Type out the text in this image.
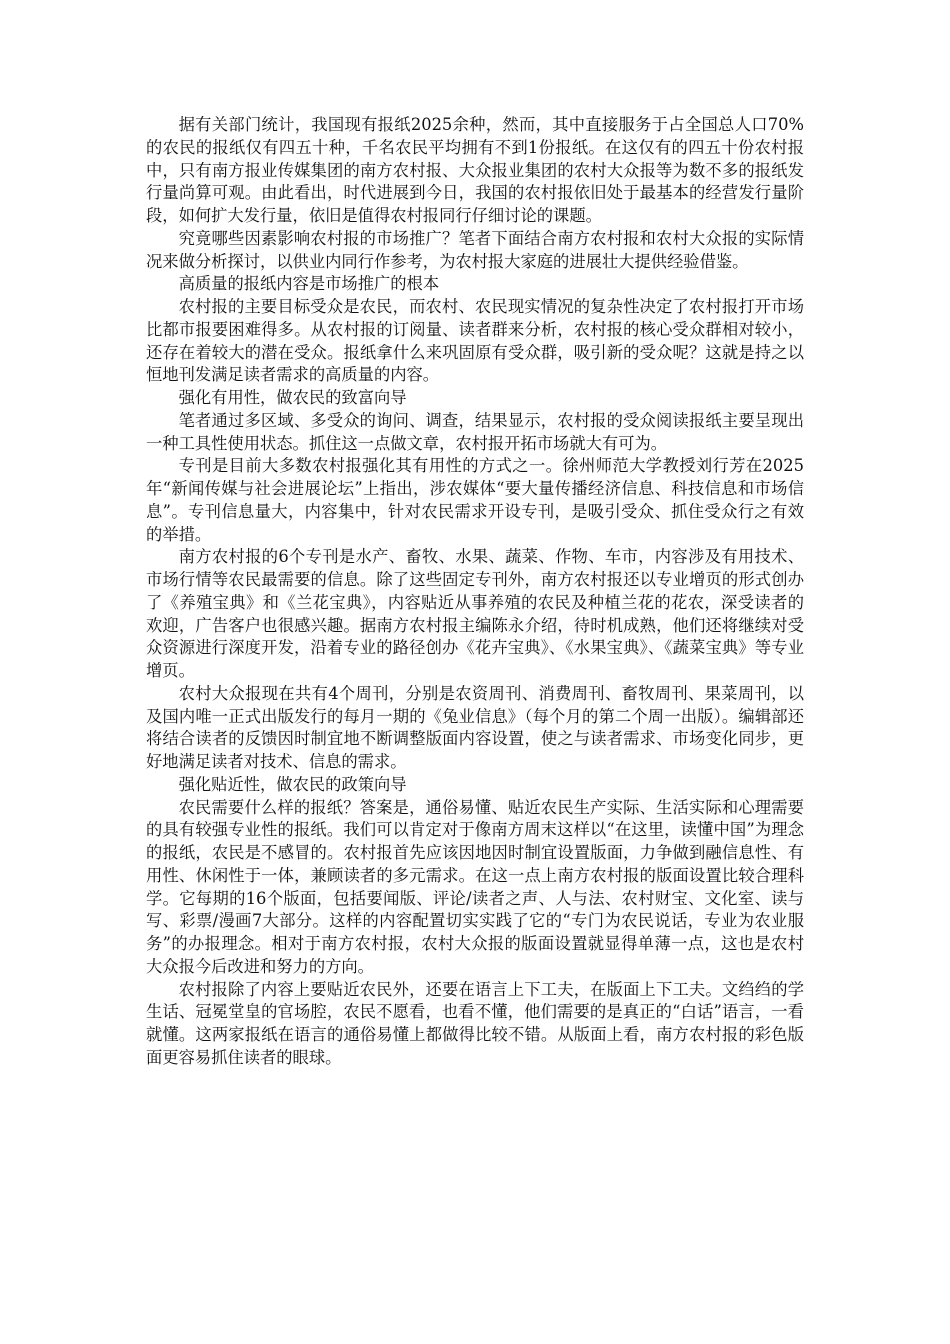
据有关部门统计，我国现有报纸2025余种，然而，其中直接服务于占全国总人口70%的农民的报纸仅有四五十种，千名农民平均拥有不到1份报纸。在这仅有的四五十份农村报中，只有南方报业传媒集团的南方农村报、大众报业集团的农村大众报等为数不多的报纸发行量尚算可观。由此看出，时代进展到今日，我国的农村报依旧处于最基本的经营发行量阶段，如何扩大发行量，依旧是值得农村报同行仔细讨论的课题。

究竟哪些因素影响农村报的市场推广？笔者下面结合南方农村报和农村大众报的实际情况来做分析探讨，以供业内同行作参考，为农村报大家庭的进展壮大提供经验借鉴。

高质量的报纸内容是市场推广的根本

农村报的主要目标受众是农民，而农村、农民现实情况的复杂性决定了农村报打开市场比都市报要困难得多。从农村报的订阅量、读者群来分析，农村报的核心受众群相对较小，还存在着较大的潜在受众。报纸拿什么来巩固原有受众群，吸引新的受众呢？这就是持之以恒地刊发满足读者需求的高质量的内容。

强化有用性，做农民的致富向导

笔者通过多区域、多受众的询问、调查，结果显示，农村报的受众阅读报纸主要呈现出一种工具性使用状态。抓住这一点做文章，农村报开拓市场就大有可为。

专刊是目前大多数农村报强化其有用性的方式之一。徐州师范大学教授刘行芳在2025年“新闻传媒与社会进展论坛”上指出，涉农媒体“要大量传播经济信息、科技信息和市场信息”。专刊信息量大，内容集中，针对农民需求开设专刊，是吸引受众、抓住受众行之有效的举措。

南方农村报的6个专刊是水产、畜牧、水果、蔬菜、作物、车市，内容涉及有用技术、市场行情等农民最需要的信息。除了这些固定专刊外，南方农村报还以专业增页的形式创办了《养殖宝典》和《兰花宝典》，内容贴近从事养殖的农民及种植兰花的花农，深受读者的欢迎，广告客户也很感兴趣。据南方农村报主编陈永介绍，待时机成熟，他们还将继续对受众资源进行深度开发，沿着专业的路径创办《花卉宝典》、《水果宝典》、《蔬菜宝典》等专业增页。

农村大众报现在共有4个周刊，分别是农资周刊、消费周刊、畜牧周刊、果菜周刊，以及国内唯一正式出版发行的每月一期的《兔业信息》（每个月的第二个周一出版）。编辑部还将结合读者的反馈因时制宜地不断调整版面内容设置，使之与读者需求、市场变化同步，更好地满足读者对技术、信息的需求。

强化贴近性，做农民的政策向导

农民需要什么样的报纸？答案是，通俗易懂、贴近农民生产实际、生活实际和心理需要的具有较强专业性的报纸。我们可以肯定对于像南方周末这样以“在这里，读懂中国”为理念的报纸，农民是不感冒的。农村报首先应该因地因时制宜设置版面，力争做到融信息性、有用性、休闲性于一体，兼顾读者的多元需求。在这一点上南方农村报的版面设置比较合理科学。它每期的16个版面，包括要闻版、评论/读者之声、人与法、农村财宝、文化室、读与写、彩票/漫画7大部分。这样的内容配置切实实践了它的“专门为农民说话，专业为农业服务”的办报理念。相对于南方农村报，农村大众报的版面设置就显得单薄一点，这也是农村大众报今后改进和努力的方向。

农村报除了内容上要贴近农民外，还要在语言上下工夫，在版面上下工夫。文绉绉的学生话、冠冕堂皇的官场腔，农民不愿看，也看不懂，他们需要的是真正的“白话”语言，一看就懂。这两家报纸在语言的通俗易懂上都做得比较不错。从版面上看，南方农村报的彩色版面更容易抓住读者的眼球。
